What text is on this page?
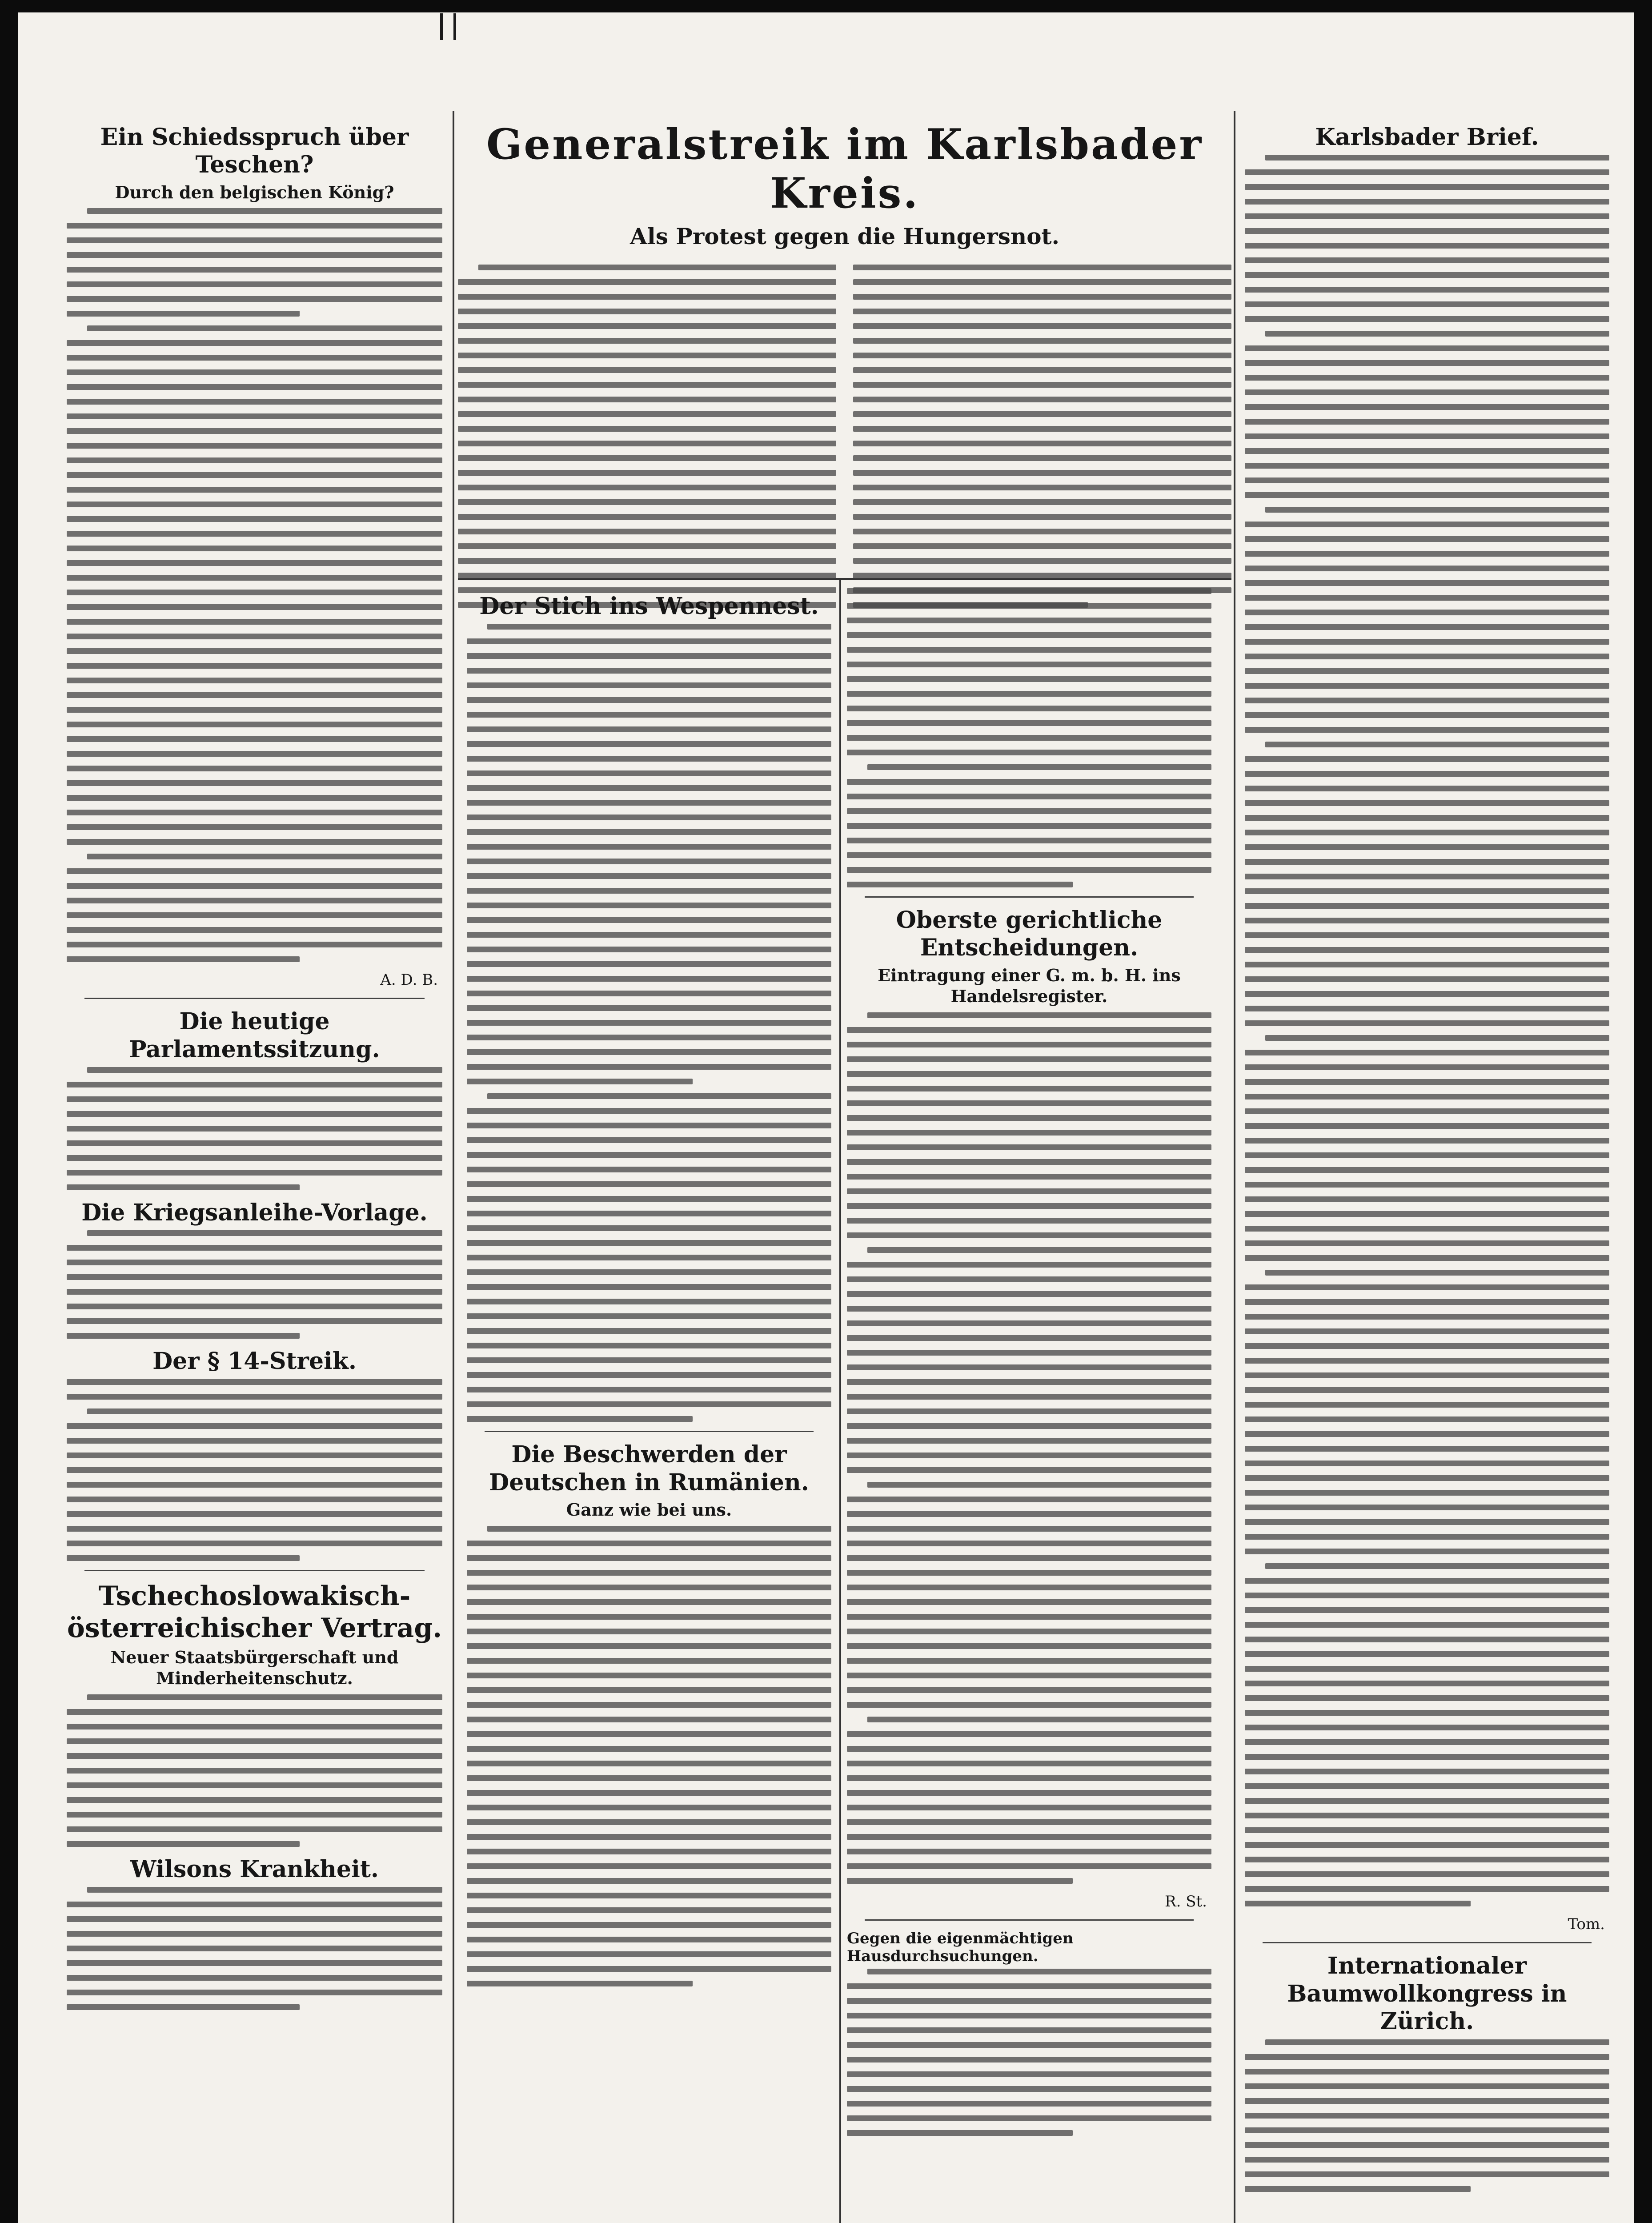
Generalstreik im Karlsbader Kreis.
Als Protest gegen die Hungersnot.
Ein Schiedsspruch über Teschen?
Durch den belgischen König?
A. D. B.
Die heutige Parlamentssitzung.
Die Kriegsanleihe-Vorlage.
Der § 14-Streik.
Tschechoslowakisch-österreichischer Vertrag.
Neuer Staatsbürgerschaft und Minderheitenschutz.
Wilsons Krankheit.
Der Stich ins Wespennest.
Die Beschwerden der Deutschen in Rumänien.
Ganz wie bei uns.
Oberste gerichtliche Entscheidungen.
Eintragung einer G. m. b. H. ins Handelsregister.
R. St.
Gegen die eigenmächtigen Hausdurchsuchungen.
Karlsbader Brief.
Tom.
Internationaler Baumwollkongress in Zürich.
